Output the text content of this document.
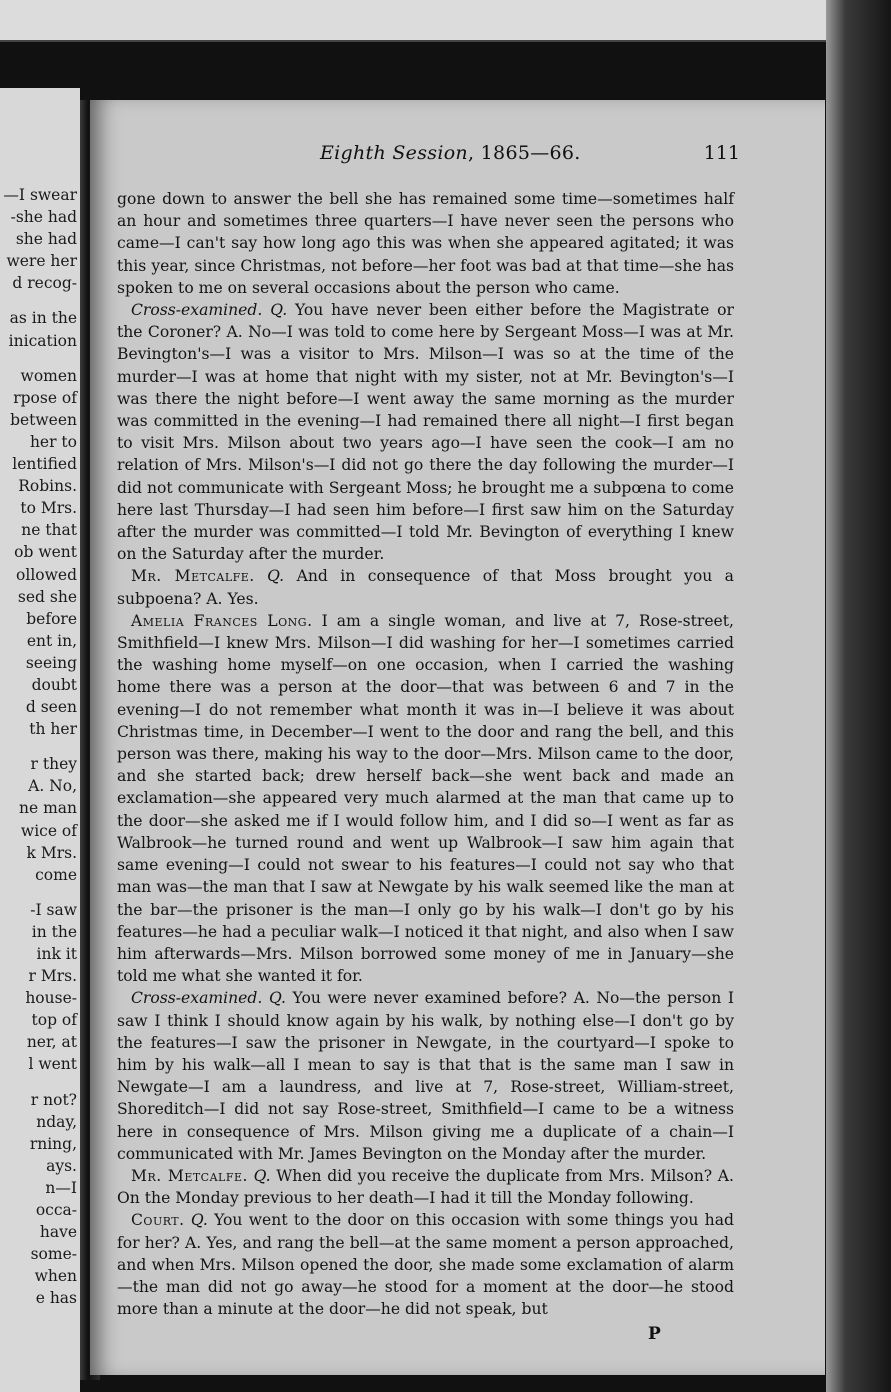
—I swear
-she had
she had
were her
d recog-
as in the
inication
women
rpose of
between
her to
lentified
Robins.
to Mrs.
ne that
ob went
ollowed
sed she
before
ent in,
seeing
doubt
d seen
th her
r they
A. No,
ne man
wice of
k Mrs.
come
-I saw
in the
ink it
r Mrs.
house-
top of
ner, at
l went
r not?
nday,
rning,
ays.
n—I
occa-
have
some-
when
e has
Eighth Session, 1865—66.	111

gone down to answer the bell she has remained some time—sometimes half an hour and sometimes three quarters—I have never seen the persons who came—I can't say how long ago this was when she appeared agitated; it was this year, since Christmas, not before—her foot was bad at that time—she has spoken to me on several occasions about the person who came.

Cross-examined. Q. You have never been either before the Magistrate or the Coroner? A. No—I was told to come here by Sergeant Moss—I was at Mr. Bevington's—I was a visitor to Mrs. Milson—I was so at the time of the murder—I was at home that night with my sister, not at Mr. Bevington's—I was there the night before—I went away the same morning as the murder was committed in the evening—I had remained there all night—I first began to visit Mrs. Milson about two years ago—I have seen the cook—I am no relation of Mrs. Milson's—I did not go there the day following the murder—I did not communicate with Sergeant Moss; he brought me a subpœna to come here last Thursday—I had seen him before—I first saw him on the Saturday after the murder was committed—I told Mr. Bevington of everything I knew on the Saturday after the murder.

Mr. Metcalfe. Q. And in consequence of that Moss brought you a subpoena? A. Yes.

Amelia Frances Long. I am a single woman, and live at 7, Rose-street, Smithfield—I knew Mrs. Milson—I did washing for her—I sometimes carried the washing home myself—on one occasion, when I carried the washing home there was a person at the door—that was between 6 and 7 in the evening—I do not remember what month it was in—I believe it was about Christmas time, in December—I went to the door and rang the bell, and this person was there, making his way to the door—Mrs. Milson came to the door, and she started back; drew herself back—she went back and made an exclamation—she appeared very much alarmed at the man that came up to the door—she asked me if I would follow him, and I did so—I went as far as Walbrook—he turned round and went up Walbrook—I saw him again that same evening—I could not swear to his features—I could not say who that man was—the man that I saw at Newgate by his walk seemed like the man at the bar—the prisoner is the man—I only go by his walk—I don't go by his features—he had a peculiar walk—I noticed it that night, and also when I saw him afterwards—Mrs. Milson borrowed some money of me in January—she told me what she wanted it for.

Cross-examined. Q. You were never examined before? A. No—the person I saw I think I should know again by his walk, by nothing else—I don't go by the features—I saw the prisoner in Newgate, in the courtyard—I spoke to him by his walk—all I mean to say is that that is the same man I saw in Newgate—I am a laundress, and live at 7, Rose-street, William-street, Shoreditch—I did not say Rose-street, Smithfield—I came to be a witness here in consequence of Mrs. Milson giving me a duplicate of a chain—I communicated with Mr. James Bevington on the Monday after the murder.

Mr. Metcalfe. Q. When did you receive the duplicate from Mrs. Milson? A. On the Monday previous to her death—I had it till the Monday following.

Court. Q. You went to the door on this occasion with some things you had for her? A. Yes, and rang the bell—at the same moment a person approached, and when Mrs. Milson opened the door, she made some exclamation of alarm—the man did not go away—he stood for a moment at the door—he stood more than a minute at the door—he did not speak, but

P
